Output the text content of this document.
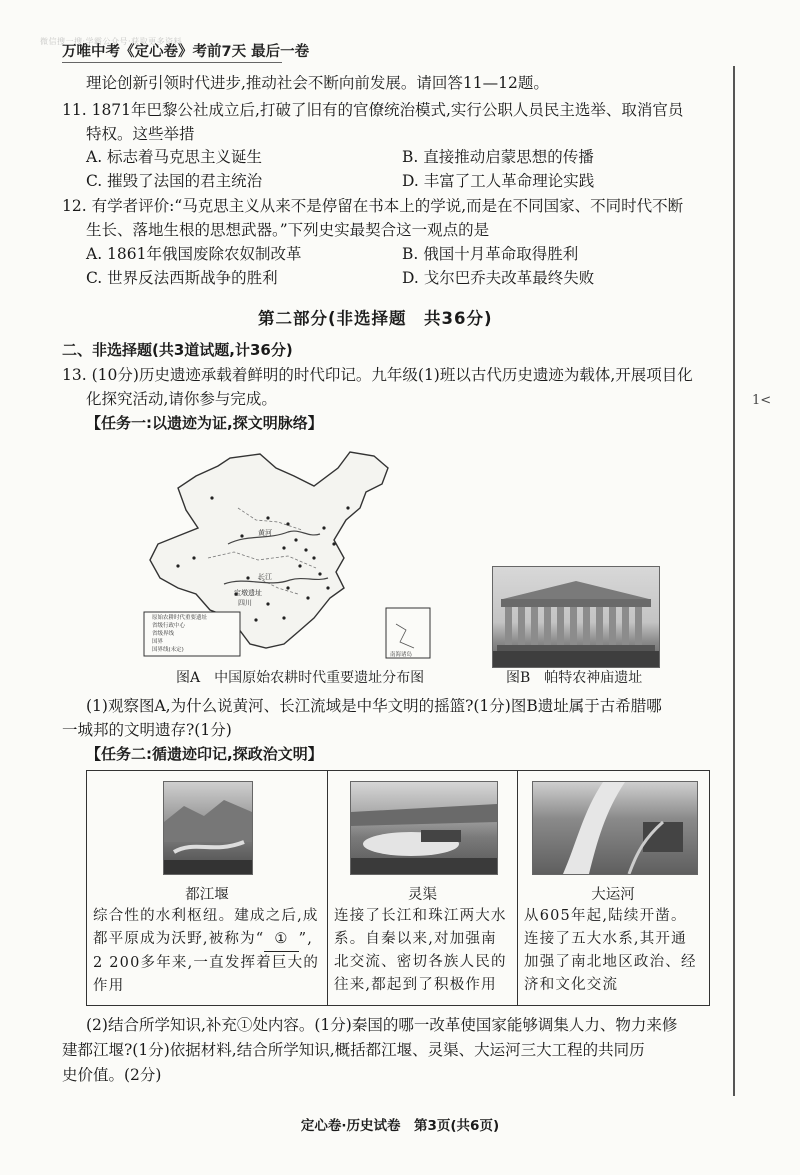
微信搜一搜·学霸公众号·获取更多资料
万唯中考《定心卷》考前7天 最后一卷
1<
理论创新引领时代进步,推动社会不断向前发展。请回答11—12题。
11. 1871年巴黎公社成立后,打破了旧有的官僚统治模式,实行公职人员民主选举、取消官员
特权。这些举措
A. 标志着马克思主义诞生	B. 直接推动启蒙思想的传播
C. 摧毁了法国的君主统治	D. 丰富了工人革命理论实践
12. 有学者评价:“马克思主义从来不是停留在书本上的学说,而是在不同国家、不同时代不断
生长、落地生根的思想武器。”下列史实最契合这一观点的是
A. 1861年俄国废除农奴制改革	B. 俄国十月革命取得胜利
C. 世界反法西斯战争的胜利	D. 戈尔巴乔夫改革最终失败
第二部分(非选择题　共36分)
二、非选择题(共3道试题,计36分)
13. (10分)历史遗迹承载着鲜明的时代印记。九年级(1)班以古代历史遗迹为载体,开展项目化
化探究活动,请你参与完成。
【任务一:以遗迹为证,探文明脉络】
原始农耕时代重要遗址
省级行政中心
省级界线
国界
国界线(未定)
宝墩遗址
四川
黄河
长江
南海诸岛
图A　中国原始农耕时代重要遗址分布图	图B　帕特农神庙遗址
(1)观察图A,为什么说黄河、长江流域是中华文明的摇篮?(1分)图B遗址属于古希腊哪
一城邦的文明遗存?(1分)
【任务二:循遗迹印记,探政治文明】
都江堰
综合性的水利枢纽。建成之后,成
都平原成为沃野,被称为“ ① ”,
2 200多年来,一直发挥着巨大的
作用
灵渠
连接了长江和珠江两大水
系。自秦以来,对加强南
北交流、密切各族人民的
往来,都起到了积极作用
大运河
从605年起,陆续开凿。
连接了五大水系,其开通
加强了南北地区政治、经
济和文化交流
(2)结合所学知识,补充①处内容。(1分)秦国的哪一改革使国家能够调集人力、物力来修
建都江堰?(1分)依据材料,结合所学知识,概括都江堰、灵渠、大运河三大工程的共同历
史价值。(2分)
定心卷·历史试卷　第3页(共6页)
